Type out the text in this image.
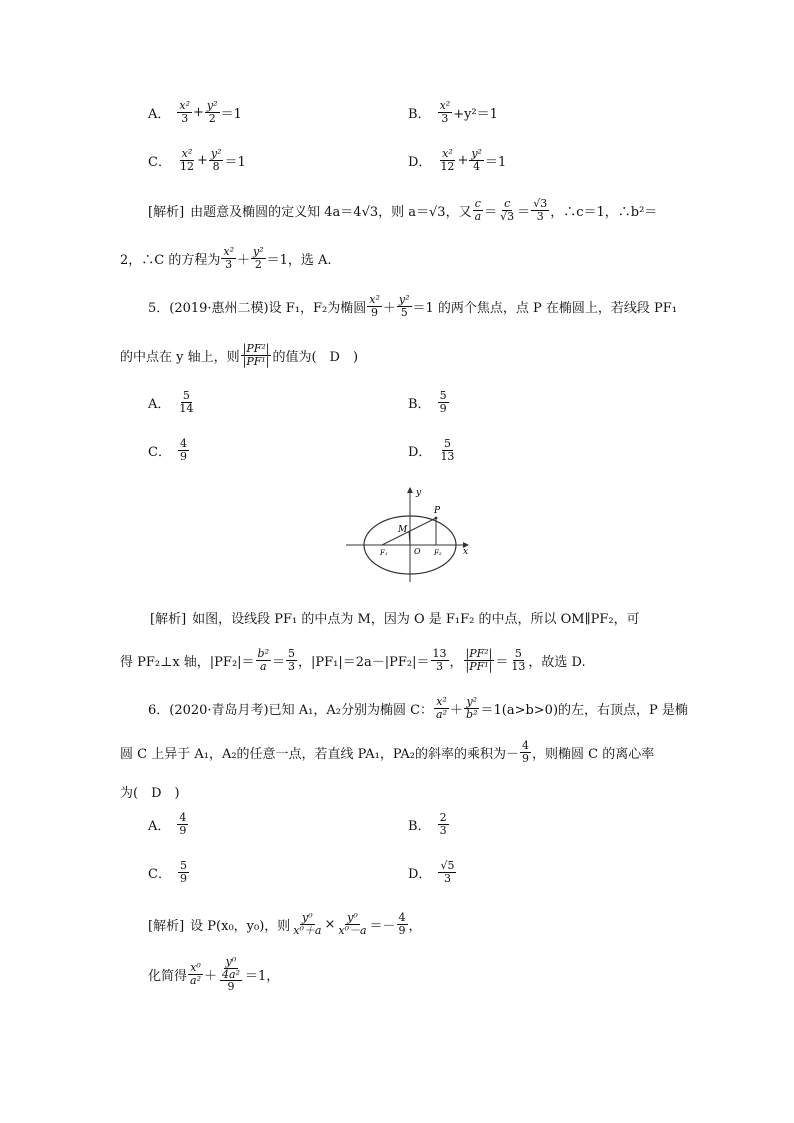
A． $\frac{\text{x²}}{3} + \frac{\text{y²}}{2} =1$	B． $\frac{\text{x²}}{3} +y^2=1$
C． $\frac{\text{x²}}{12} + \frac{\text{y²}}{8} =1$	D． $\frac{\text{x²}}{12} + \frac{\text{y²}}{4} =1$
[解析] 由题意及椭圆的定义知 4a＝4√3，则 a＝√3，又 $\frac{c}{a} = \frac{c}{√3} = \frac{√3}{3}$ ，∴c＝1，∴b²＝
2，∴C 的方程为 $\frac{\text{x²}}{3} + \frac{\text{y²}}{2} =1$，选 A.
5．(2019·惠州二模)设 F₁，F₂为椭圆 $\frac{\text{x²}}{9} + \frac{\text{y²}}{5} =1$ 的两个焦点，点 P 在椭圆上，若线段 PF₁
的中点在 y 轴上，则 $\frac{\text{|PF²|}}{\text{|PF¹|}}$ 的值为(　D　)
A． $\frac{5}{14}$	B． $\frac{5}{9}$
C． $\frac{4}{9}$	D． $\frac{5}{13}$
y
x
P
M
O
F₁	F₂
[解析] 如图，设线段 PF₁ 的中点为 M，因为 O 是 F₁F₂ 的中点，所以 OM∥PF₂，可
得 PF₂⊥x 轴，$|PF_2|= \frac{\text{b²}}{a} = \frac{5}{3}$ ，$|PF_1|=2a-|PF_2|= \frac{13}{3}$ ， $\frac{\text{|PF²|}}{\text{|PF¹|}} = \frac{5}{13}$ ，故选 D.
6．(2020·青岛月考)已知 A₁，A₂分别为椭圆 C： $\frac{\text{x²}}{\text{a²}} + \frac{\text{y²}}{\text{b²}} =1(a>b>0)$的左，右顶点，P 是椭
圆 C 上异于 A₁，A₂的任意一点，若直线 PA₁，PA₂的斜率的乘积为－ $\frac{4}{9}$ ，则椭圆 C 的离心率
为(　D　)
A． $\frac{4}{9}$	B． $\frac{2}{3}$
C． $\frac{5}{9}$	D． $\frac{√5}{3}$
[解析] 设 P(x₀，y₀)，则 $\frac{\text{y⁰}}{\text{x⁰＋a}} \times \frac{\text{y⁰}}{\text{x⁰－a}} =- \frac{4}{9}$ ，
化简得 $\frac{\text{x⁰}}{\text{a²}} + \frac{\text{y⁰}}{\frac{\text{4a²}}{9}} =1$，
